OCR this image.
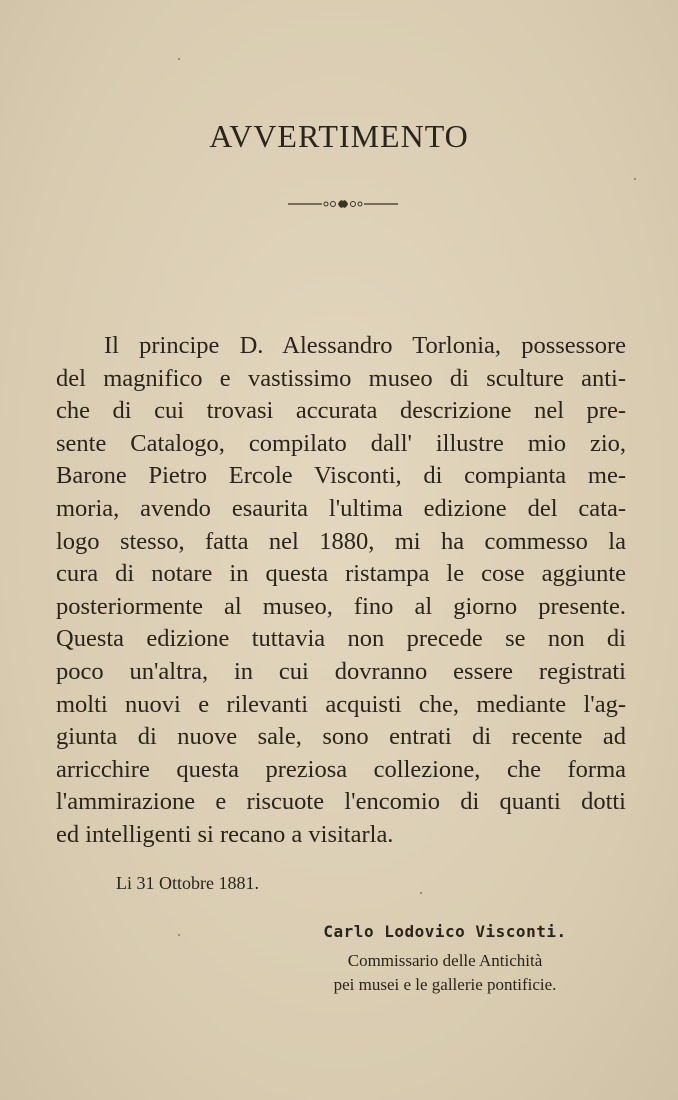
AVVERTIMENTO
Il principe D. Alessandro Torlonia, possessore
del magnifico e vastissimo museo di sculture anti-
che di cui trovasi accurata descrizione nel pre-
sente Catalogo, compilato dall' illustre mio zio,
Barone Pietro Ercole Visconti, di compianta me-
moria, avendo esaurita l'ultima edizione del cata-
logo stesso, fatta nel 1880, mi ha commesso la
cura di notare in questa ristampa le cose aggiunte
posteriormente al museo, fino al giorno presente.
Questa edizione tuttavia non precede se non di
poco un'altra, in cui dovranno essere registrati
molti nuovi e rilevanti acquisti che, mediante l'ag-
giunta di nuove sale, sono entrati di recente ad
arricchire questa preziosa collezione, che forma
l'ammirazione e riscuote l'encomio di quanti dotti
ed intelligenti si recano a visitarla.

Li 31 Ottobre 1881.

Carlo Lodovico Visconti.

Commissario delle Antichità

pei musei e le gallerie pontificie.
